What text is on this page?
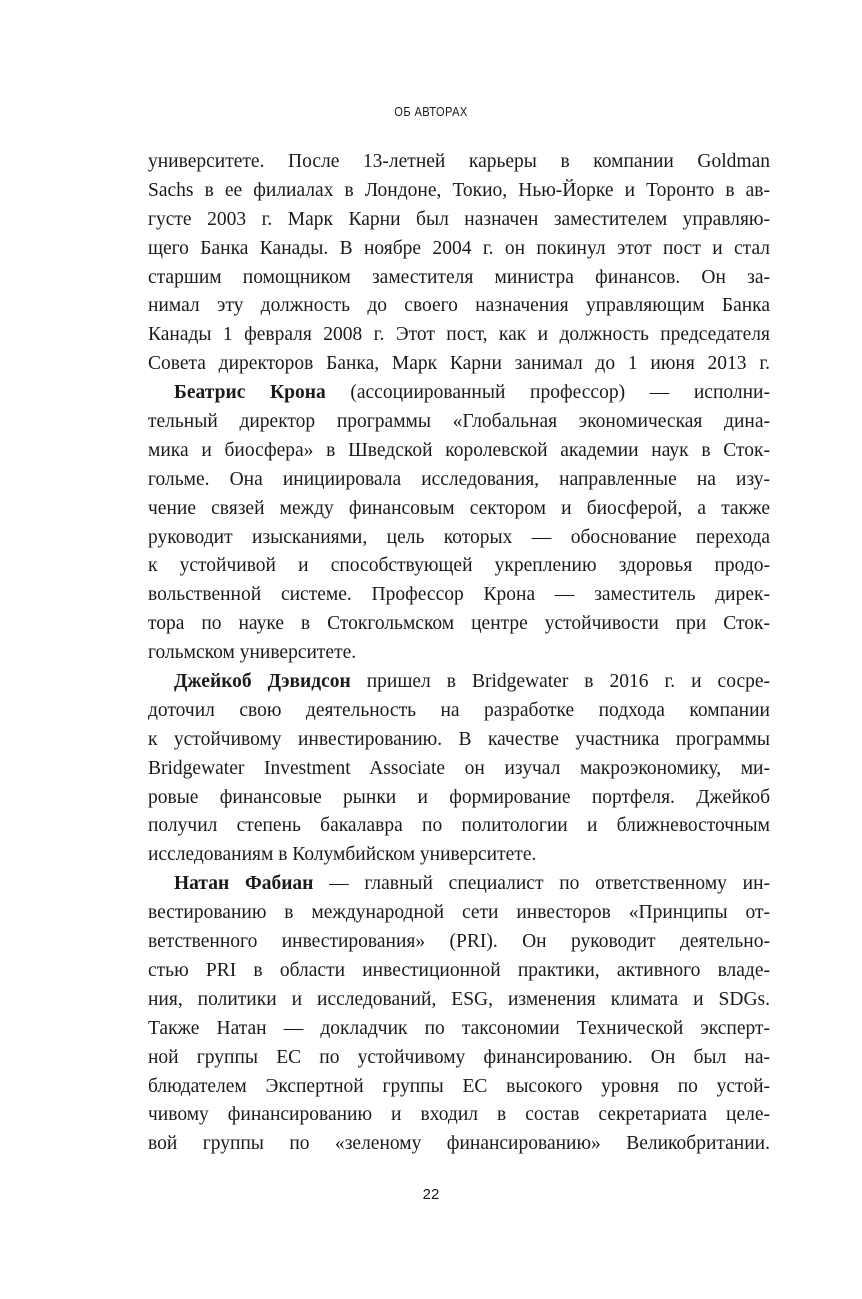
ОБ АВТОРАХ
университете. После 13-летней карьеры в компании Goldman
Sachs в ее филиалах в Лондоне, Токио, Нью-Йорке и Торонто в ав-
густе 2003 г. Марк Карни был назначен заместителем управляю-
щего Банка Канады. В ноябре 2004 г. он покинул этот пост и стал
старшим помощником заместителя министра финансов. Он за-
нимал эту должность до своего назначения управляющим Банка
Канады 1 февраля 2008 г. Этот пост, как и должность председателя
Совета директоров Банка, Марк Карни занимал до 1 июня 2013 г.
Беатрис Крона (ассоциированный профессор) — исполни-
тельный директор программы «Глобальная экономическая дина-
мика и биосфера» в Шведской королевской академии наук в Сток-
гольме. Она инициировала исследования, направленные на изу-
чение связей между финансовым сектором и биосферой, а также
руководит изысканиями, цель которых — обоснование перехода
к устойчивой и способствующей укреплению здоровья продо-
вольственной системе. Профессор Крона — заместитель дирек-
тора по науке в Стокгольмском центре устойчивости при Сток-
гольмском университете.
Джейкоб Дэвидсон пришел в Bridgewater в 2016 г. и сосре-
доточил свою деятельность на разработке подхода компании
к устойчивому инвестированию. В качестве участника программы
Bridgewater Investment Associate он изучал макроэкономику, ми-
ровые финансовые рынки и формирование портфеля. Джейкоб
получил степень бакалавра по политологии и ближневосточным
исследованиям в Колумбийском университете.
Натан Фабиан — главный специалист по ответственному ин-
вестированию в международной сети инвесторов «Принципы от-
ветственного инвестирования» (PRI). Он руководит деятельно-
стью PRI в области инвестиционной практики, активного владе-
ния, политики и исследований, ESG, изменения климата и SDGs.
Также Натан — докладчик по таксономии Технической эксперт-
ной группы ЕС по устойчивому финансированию. Он был на-
блюдателем Экспертной группы ЕС высокого уровня по устой-
чивому финансированию и входил в состав секретариата целе-
вой группы по «зеленому финансированию» Великобритании.
22
